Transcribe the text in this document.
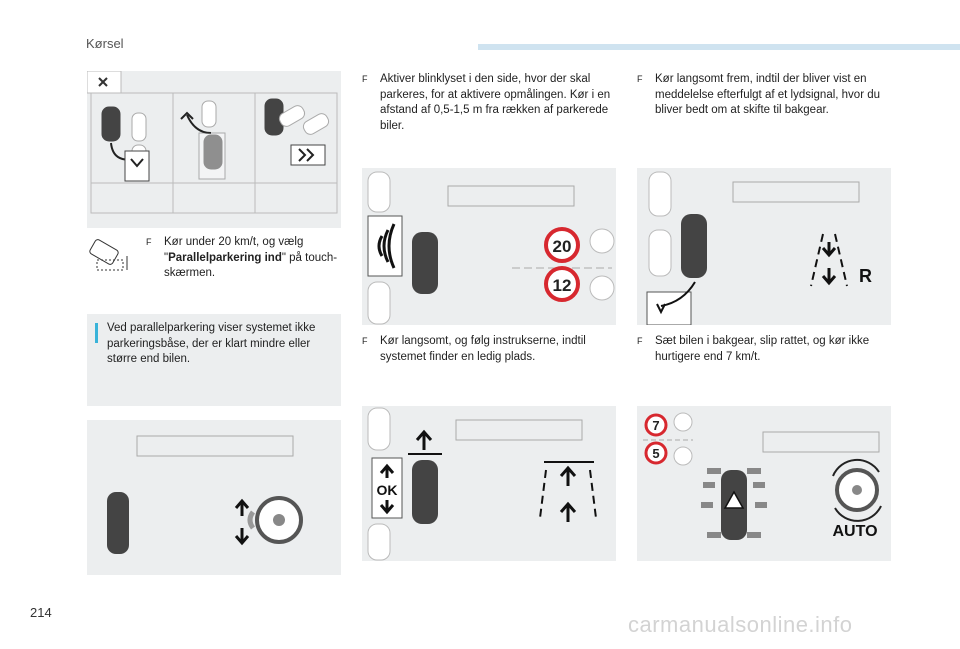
Kørsel
F Kør under 20 km/t, og vælg "Parallelparkering ind" på touch-skærmen.
Ved parallelparkering viser systemet ikke parkeringsbåse, der er klart mindre eller større end bilen.
F Aktiver blinklyset i den side, hvor der skal parkeres, for at aktivere opmålingen. Kør i en afstand af 0,5-1,5 m fra rækken af parkerede biler.
20
12
F Kør langsomt, og følg instrukserne, indtil systemet finder en ledig plads.
OK
F Kør langsomt frem, indtil der bliver vist en meddelelse efterfulgt af et lydsignal, hvor du bliver bedt om at skifte til bakgear.
R
F Sæt bilen i bakgear, slip rattet, og kør ikke hurtigere end 7 km/t.
7
5
AUTO
214	carmanualsonline.info
